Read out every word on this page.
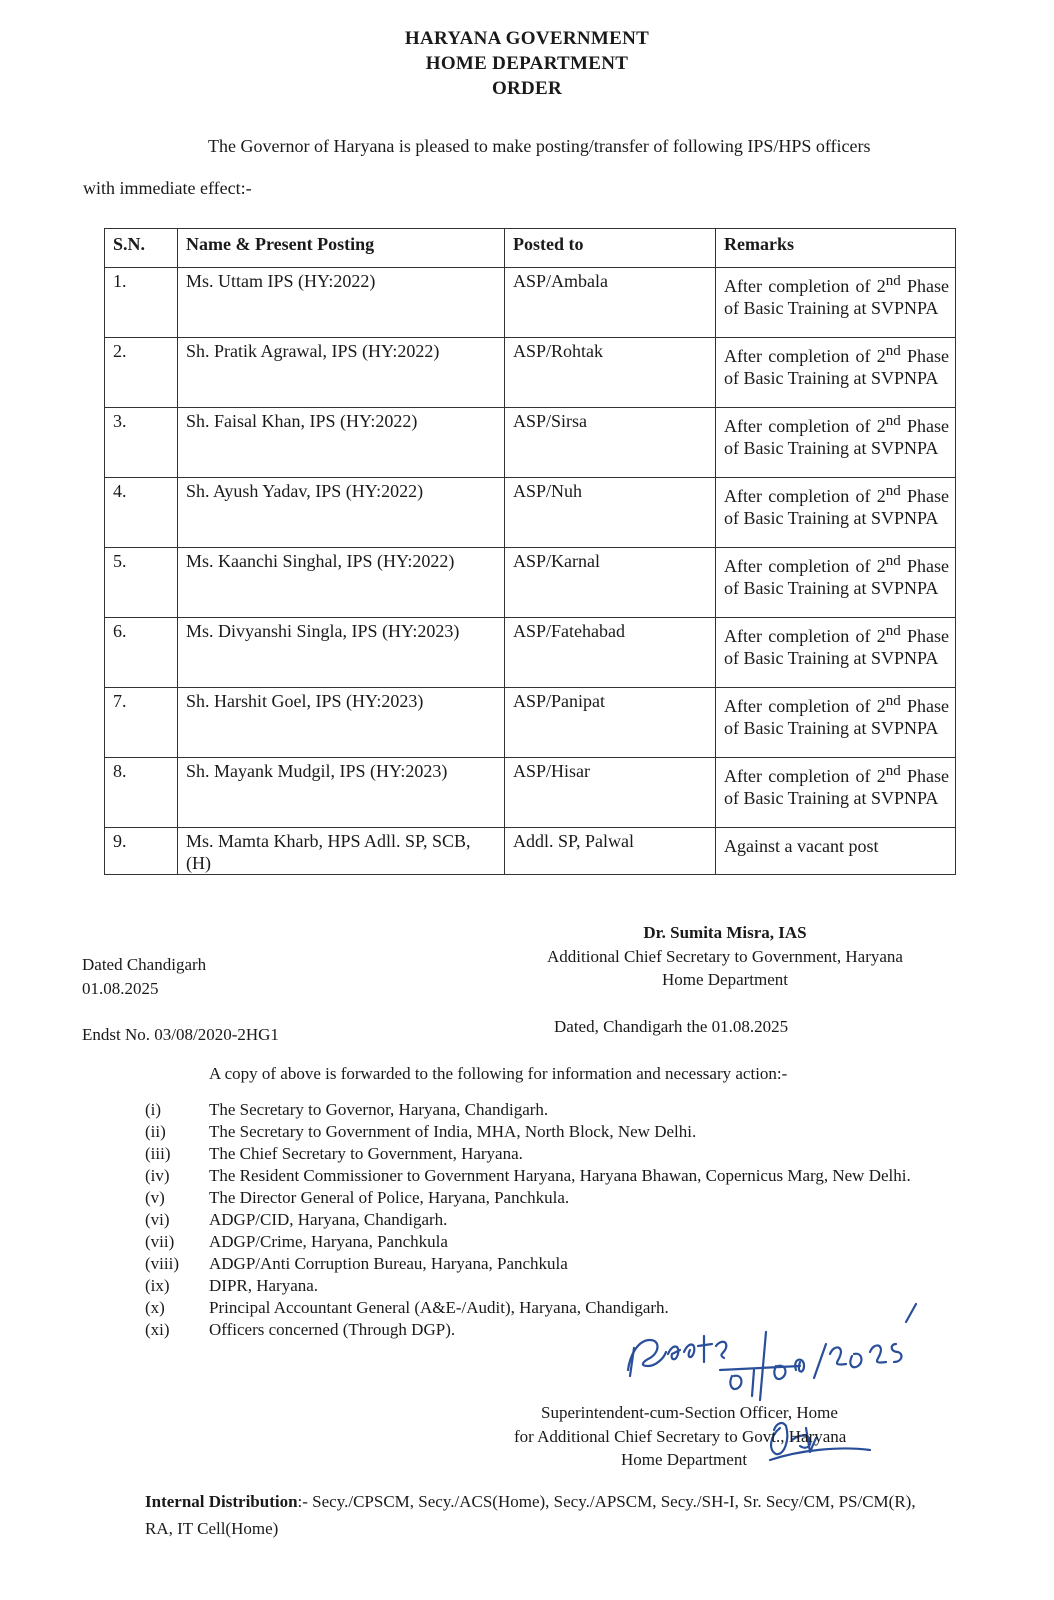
HARYANA GOVERNMENT
HOME DEPARTMENT
ORDER
The Governor of Haryana is pleased to make posting/transfer of following IPS/HPS officers
with immediate effect:-
S.N.	Name & Present Posting	Posted to	Remarks
1.	Ms. Uttam IPS (HY:2022)	ASP/Ambala	After completion of 2nd Phase of Basic Training at SVPNPA
2.	Sh. Pratik Agrawal, IPS (HY:2022)	ASP/Rohtak	After completion of 2nd Phase of Basic Training at SVPNPA
3.	Sh. Faisal Khan, IPS (HY:2022)	ASP/Sirsa	After completion of 2nd Phase of Basic Training at SVPNPA
4.	Sh. Ayush Yadav, IPS (HY:2022)	ASP/Nuh	After completion of 2nd Phase of Basic Training at SVPNPA
5.	Ms. Kaanchi Singhal, IPS (HY:2022)	ASP/Karnal	After completion of 2nd Phase of Basic Training at SVPNPA
6.	Ms. Divyanshi Singla, IPS (HY:2023)	ASP/Fatehabad	After completion of 2nd Phase of Basic Training at SVPNPA
7.	Sh. Harshit Goel, IPS (HY:2023)	ASP/Panipat	After completion of 2nd Phase of Basic Training at SVPNPA
8.	Sh. Mayank Mudgil, IPS (HY:2023)	ASP/Hisar	After completion of 2nd Phase of Basic Training at SVPNPA
9.	Ms. Mamta Kharb, HPS Adll. SP, SCB, (H)	Addl. SP, Palwal	Against a vacant post
Dr. Sumita Misra, IAS
Additional Chief Secretary to Government, Haryana
Home Department
Dated Chandigarh
01.08.2025
Endst No. 03/08/2020-2HG1	Dated, Chandigarh the 01.08.2025
A copy of above is forwarded to the following for information and necessary action:-
(i)	The Secretary to Governor, Haryana, Chandigarh.
(ii)	The Secretary to Government of India, MHA, North Block, New Delhi.
(iii)	The Chief Secretary to Government, Haryana.
(iv)	The Resident Commissioner to Government Haryana, Haryana Bhawan, Copernicus Marg, New Delhi.
(v)	The Director General of Police, Haryana, Panchkula.
(vi)	ADGP/CID, Haryana, Chandigarh.
(vii)	ADGP/Crime, Haryana, Panchkula
(viii)	ADGP/Anti Corruption Bureau, Haryana, Panchkula
(ix)	DIPR, Haryana.
(x)	Principal Accountant General (A&E-/Audit), Haryana, Chandigarh.
(xi)	Officers concerned (Through DGP).
Superintendent-cum-Section Officer, Home
for Additional Chief Secretary to Govt., Haryana
Home Department
Internal Distribution:- Secy./CPSCM, Secy./ACS(Home), Secy./APSCM, Secy./SH-I, Sr. Secy/CM, PS/CM(R), RA, IT Cell(Home)
